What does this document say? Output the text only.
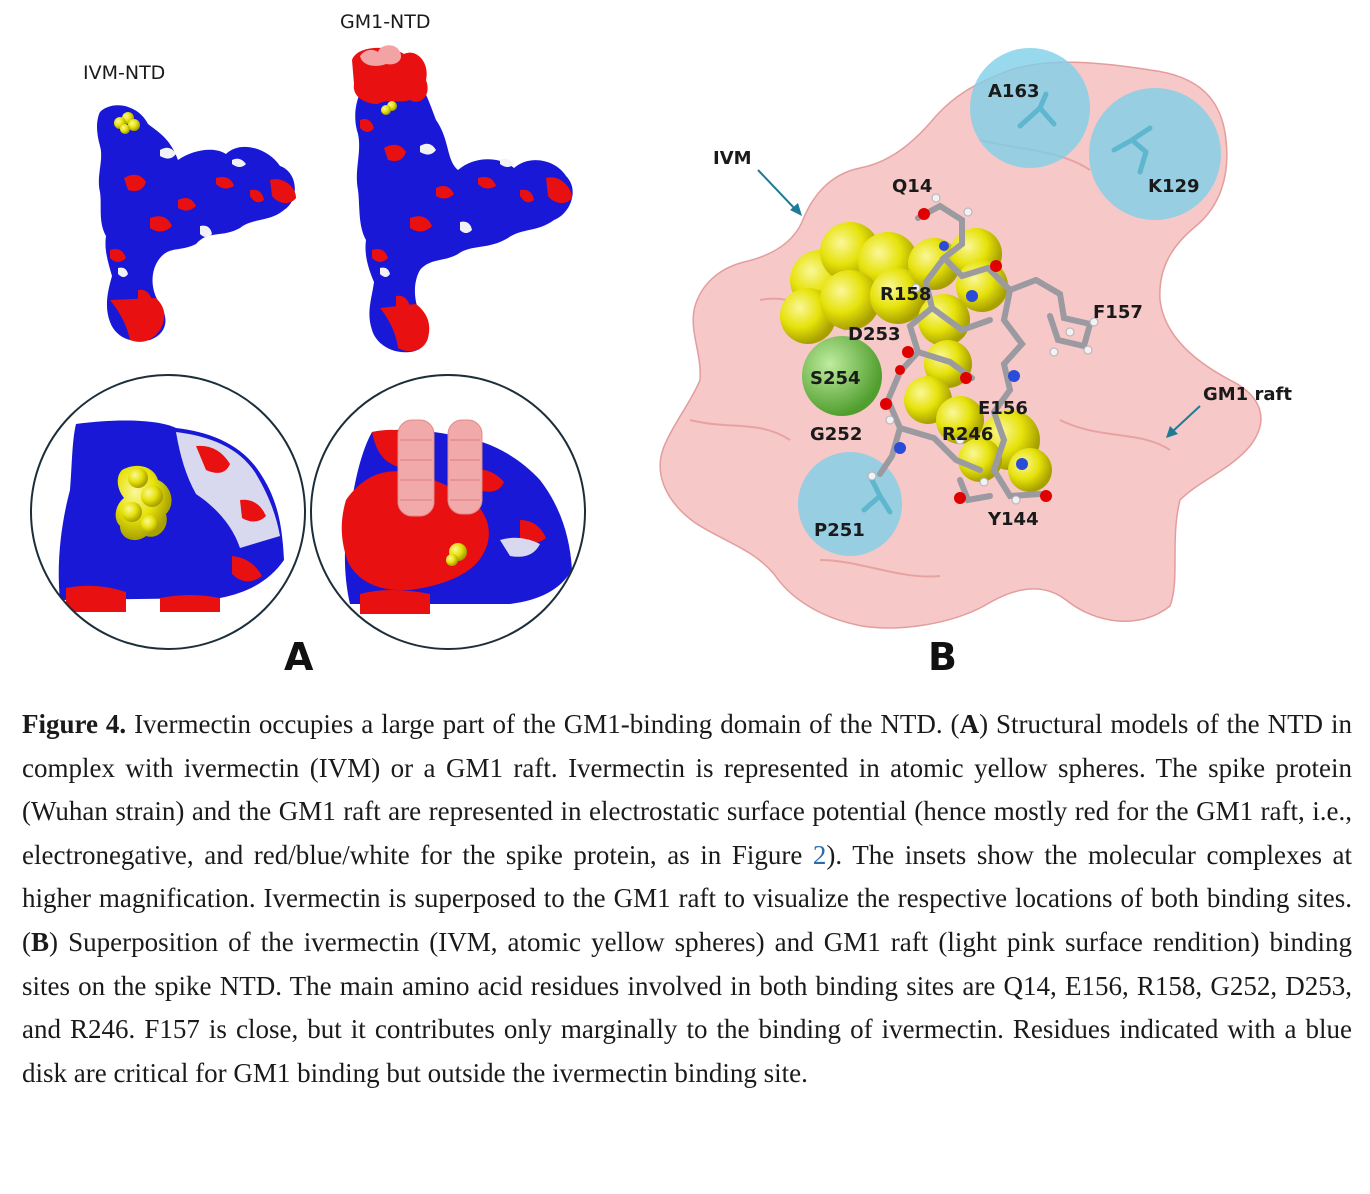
IVM-NTD
GM1-NTD
A
A163
K129
Q14
R158
F157
D253
S254
E156
G252	R246
Y144
P251
IVM
GM1 raft
B
Figure 4. Ivermectin occupies a large part of the GM1-binding domain of the NTD. (A) Structural models of the NTD in complex with ivermectin (IVM) or a GM1 raft. Ivermectin is represented in atomic yellow spheres. The spike protein (Wuhan strain) and the GM1 raft are represented in electrostatic surface potential (hence mostly red for the GM1 raft, i.e., electronegative, and red/blue/white for the spike protein, as in Figure 2). The insets show the molecular complexes at higher magnification. Ivermectin is superposed to the GM1 raft to visualize the respective locations of both binding sites. (B) Superposition of the ivermectin (IVM, atomic yellow spheres) and GM1 raft (light pink surface rendition) binding sites on the spike NTD. The main amino acid residues involved in both binding sites are Q14, E156, R158, G252, D253, and R246. F157 is close, but it contributes only marginally to the binding of ivermectin. Residues indicated with a blue disk are critical for GM1 binding but outside the ivermectin binding site.
